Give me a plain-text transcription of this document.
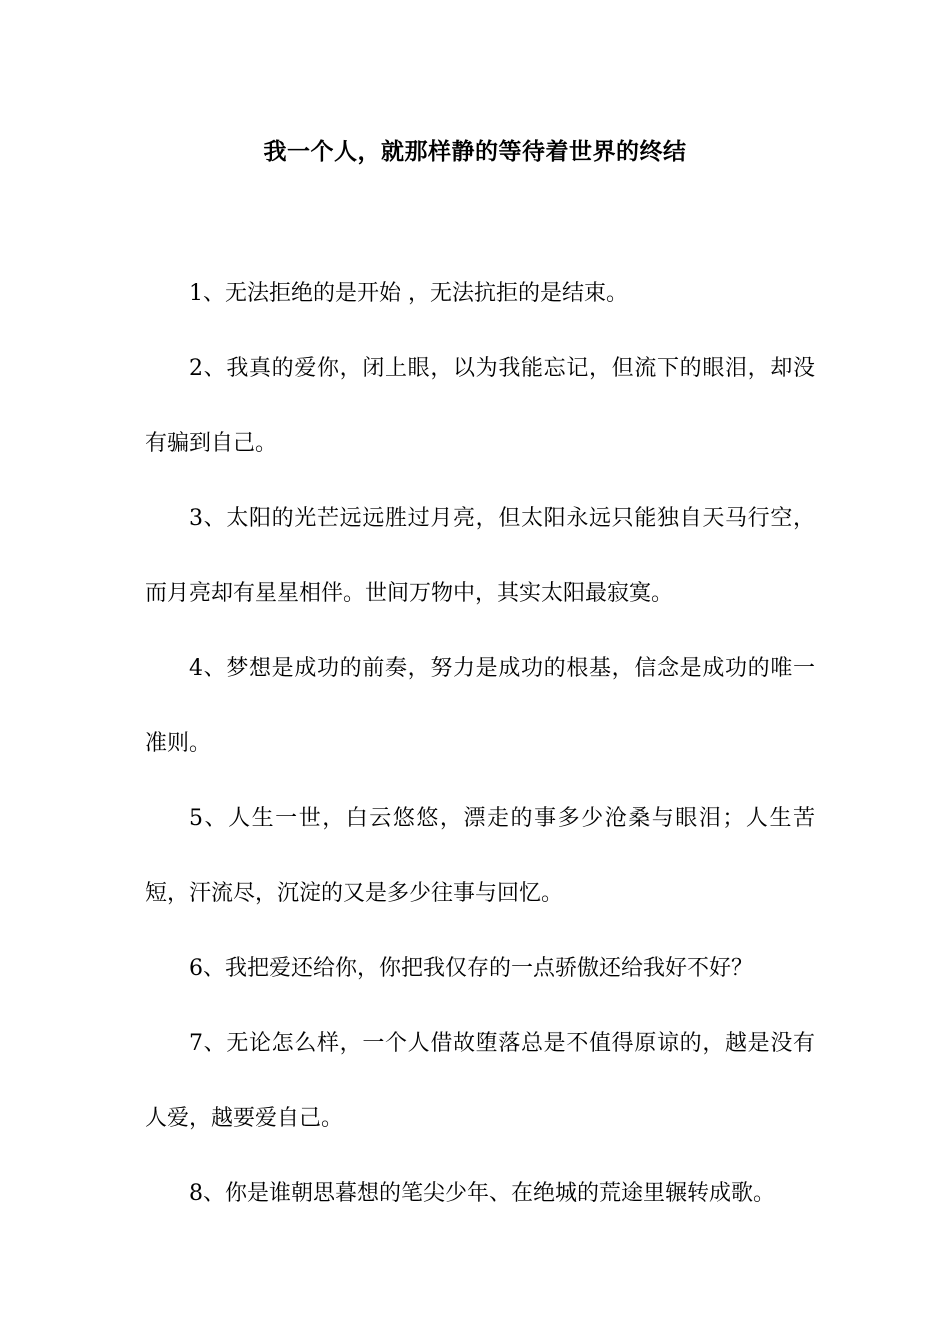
我一个人，就那样静的等待着世界的终结

1、无法拒绝的是开始 ，无法抗拒的是结束。

2、我真的爱你，闭上眼，以为我能忘记，但流下的眼泪，却没有骗到自己。

3、太阳的光芒远远胜过月亮，但太阳永远只能独自天马行空，而月亮却有星星相伴。世间万物中，其实太阳最寂寞。

4、梦想是成功的前奏，努力是成功的根基，信念是成功的唯一准则。

5、人生一世，白云悠悠，漂走的事多少沧桑与眼泪；人生苦短，汗流尽，沉淀的又是多少往事与回忆。

6、我把爱还给你，你把我仅存的一点骄傲还给我好不好？

7、无论怎么样，一个人借故堕落总是不值得原谅的，越是没有人爱，越要爱自己。

8、你是谁朝思暮想的笔尖少年、在绝城的荒途里辗转成歌。
